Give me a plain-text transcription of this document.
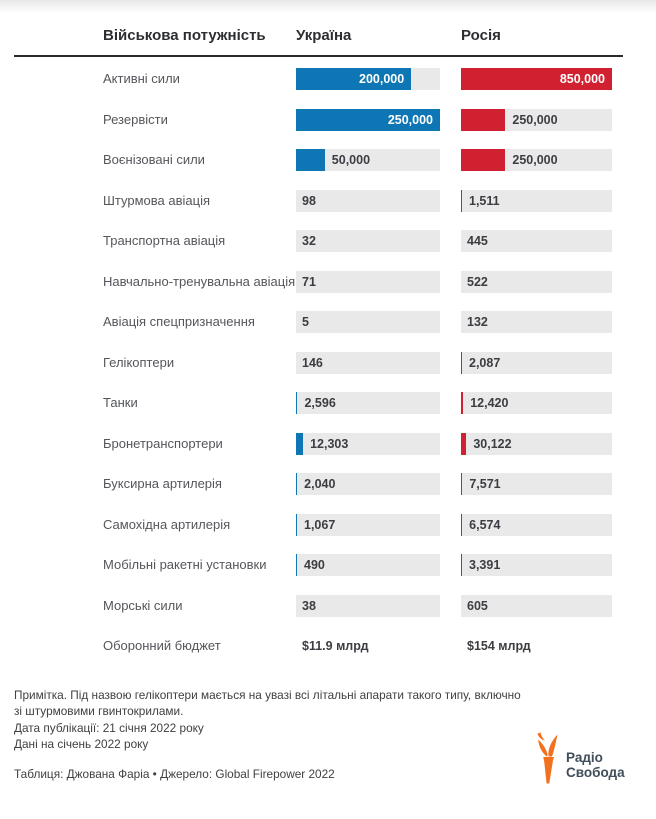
Військова потужність Україна	Росія
Активні сили	200,000	850,000
Резервісти	250,000	250,000
Воєнізовані сили	50,000	250,000
Штурмова авіація	98	1,511
Транспортна авіація	32	445
Навчально-тренувальна авіація 71	522
Авіація спецпризначення	5	132
Гелікоптери	146	2,087
Танки	2,596	12,420
Бронетранспортери	12,303	30,122
Буксирна артилерія	2,040	7,571
Самохідна артилерія	1,067	6,574
Мобільні ракетні установки	490	3,391
Морські сили	38	605
Оборонний бюджет	$11.9 млрд	$154 млрд
Примітка. Під назвою гелікоптери мається на увазі всі літальні апарати такого типу, включно
зі штурмовими гвинтокрилами.
Дата публікації: 21 січня 2022 року
Дані на січень 2022 року
Таблиця: Джована Фаріа • Джерело: Global Firepower 2022
Радіо
Свобода
